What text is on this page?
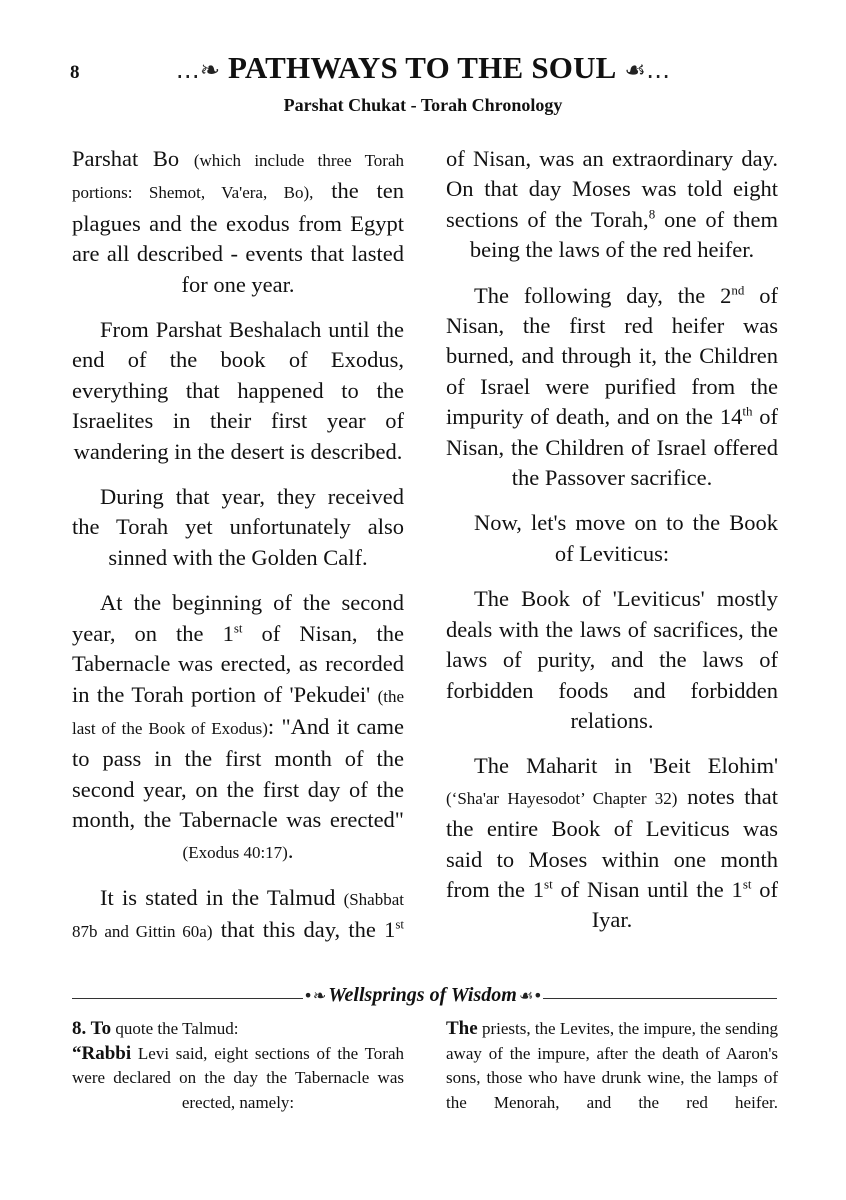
8	…❧ PATHWAYS TO THE SOUL ☙…
Parshat Chukat - Torah Chronology

Parshat Bo (which include three Torah portions: Shemot, Va'era, Bo), the ten plagues and the exodus from Egypt are all described - events that lasted for one year.

From Parshat Beshalach until the end of the book of Exodus, everything that happened to the Israelites in their first year of wandering in the desert is described.

During that year, they received the Torah yet unfortunately also sinned with the Golden Calf.

At the beginning of the second year, on the 1st of Nisan, the Tabernacle was erected, as recorded in the Torah portion of 'Pekudei' (the last of the Book of Exodus): "And it came to pass in the first month of the second year, on the first day of the month, the Tabernacle was erected" (Exodus 40:17).

It is stated in the Talmud (Shabbat 87b and Gittin 60a) that this day, the 1st

of Nisan, was an extraordinary day. On that day Moses was told eight sections of the Torah,$^8$ one of them being the laws of the red heifer.

The following day, the 2nd of Nisan, the first red heifer was burned, and through it, the Children of Israel were purified from the impurity of death, and on the 14th of Nisan, the Children of Israel offered the Passover sacrifice.

Now, let's move on to the Book of Leviticus:

The Book of 'Leviticus' mostly deals with the laws of sacrifices, the laws of purity, and the laws of forbidden foods and forbidden relations.

The Maharit in 'Beit Elohim' (‘Sha'ar Hayesodot’ Chapter 32) notes that the entire Book of Leviticus was said to Moses within one month from the 1st of Nisan until the 1st of Iyar.

•❧ Wellsprings of Wisdom ☙•

8. To quote the Talmud:

“Rabbi Levi said, eight sections of the Torah were declared on the day the Tabernacle was erected, namely:

The priests, the Levites, the impure, the sending away of the impure, after the death of Aaron's sons, those who have drunk wine, the lamps of the Menorah, and the red heifer.
